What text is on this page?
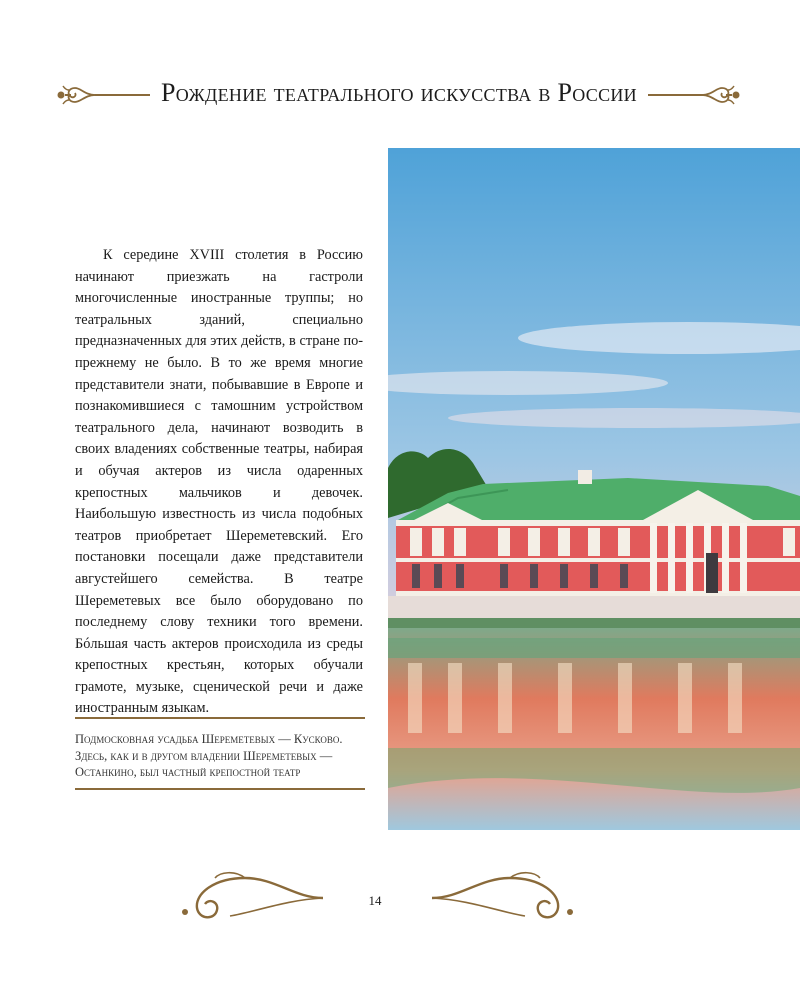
Рождение театрального искусства в России

К середине XVIII столетия в Россию начинают приезжать на гастроли многочисленные иностранные труппы; но театральных зданий, специально предназначенных для этих действ, в стране по-прежнему не было. В то же время многие представители знати, побывавшие в Европе и познакомившиеся с тамошним устройством театрального дела, начинают возводить в своих владениях собственные театры, набирая и обучая актеров из числа одаренных крепостных мальчиков и девочек. Наибольшую известность из числа подобных театров приобретает Шереметевский. Его постановки посещали даже представители августейшего семейства. В театре Шереметевых все было оборудовано по последнему слову техники того времени. Бóльшая часть актеров происходила из среды крепостных крестьян, которых обучали грамоте, музыке, сценической речи и даже иностранным языкам.

Подмосковная усадьба Шереметевых — Кусково. Здесь, как и в другом владении Шереметевых — Останкино, был частный крепостной театр

14
